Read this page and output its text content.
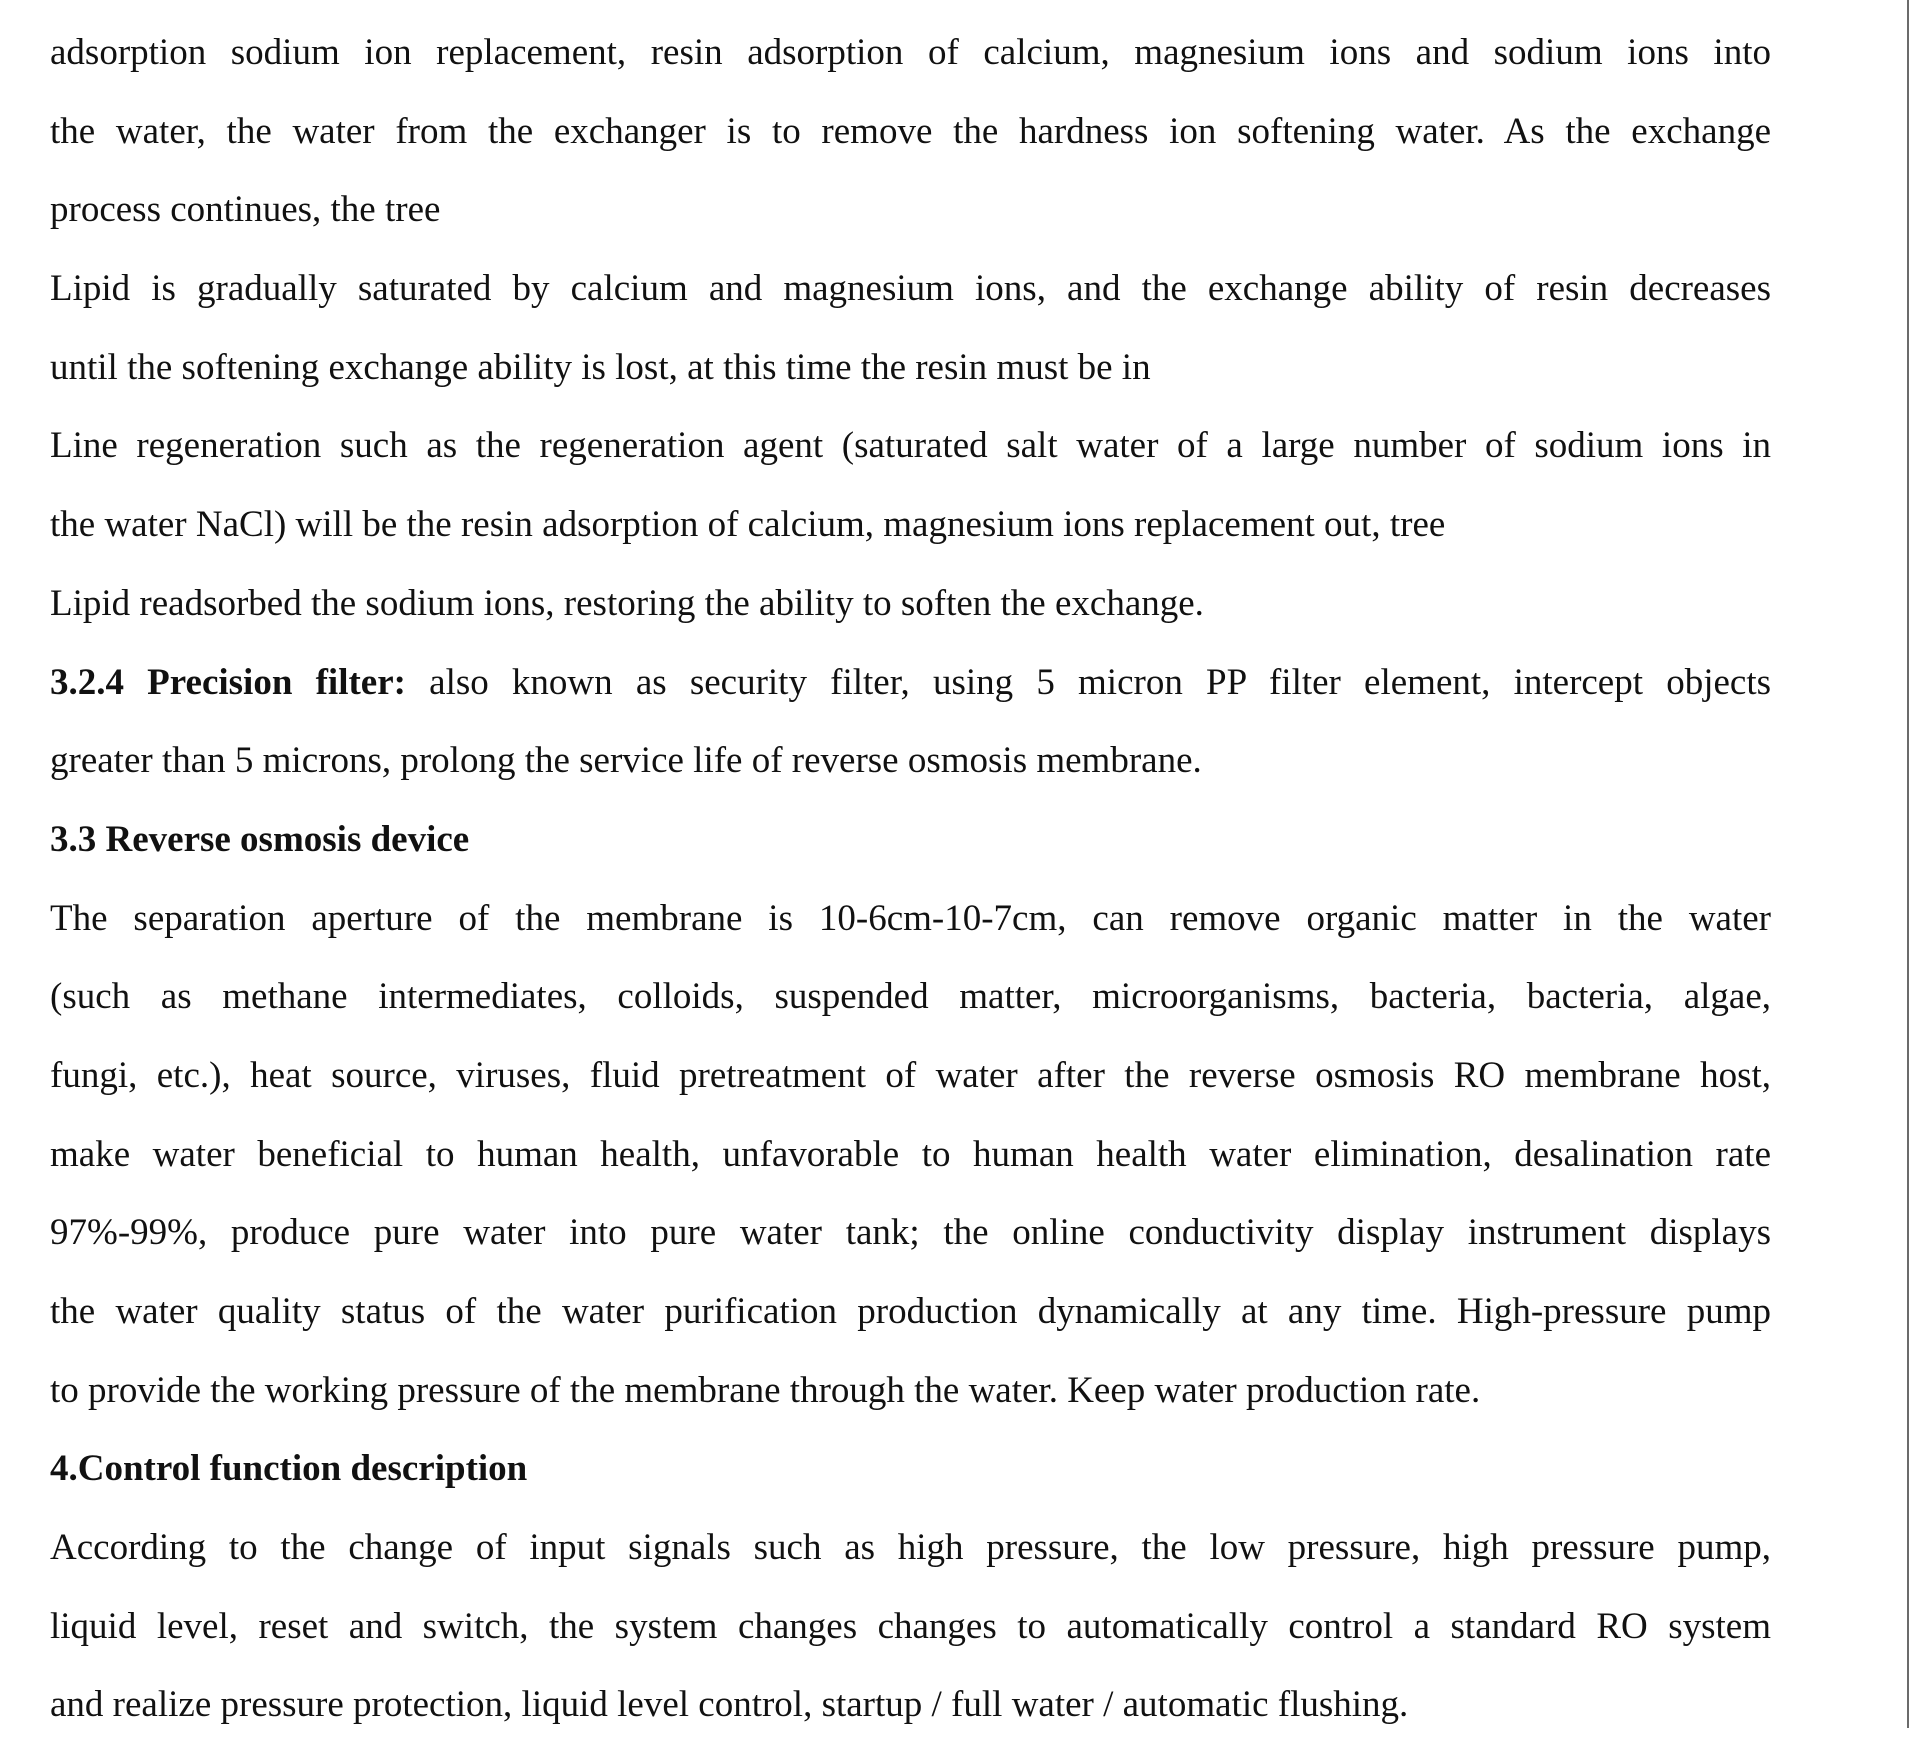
adsorption sodium ion replacement, resin adsorption of calcium, magnesium ions and sodium ions into
the water, the water from the exchanger is to remove the hardness ion softening water. As the exchange
process continues, the tree
Lipid is gradually saturated by calcium and magnesium ions, and the exchange ability of resin decreases
until the softening exchange ability is lost, at this time the resin must be in
Line regeneration such as the regeneration agent (saturated salt water of a large number of sodium ions in
the water NaCl) will be the resin adsorption of calcium, magnesium ions replacement out, tree
Lipid readsorbed the sodium ions, restoring the ability to soften the exchange.
3.2.4 Precision filter: also known as security filter, using 5 micron PP filter element, intercept objects
greater than 5 microns, prolong the service life of reverse osmosis membrane.
3.3 Reverse osmosis device
The separation aperture of the membrane is 10-6cm-10-7cm, can remove organic matter in the water
(such as methane intermediates, colloids, suspended matter, microorganisms, bacteria, bacteria, algae,
fungi, etc.), heat source, viruses, fluid pretreatment of water after the reverse osmosis RO membrane host,
make water beneficial to human health, unfavorable to human health water elimination, desalination rate
97%-99%, produce pure water into pure water tank; the online conductivity display instrument displays
the water quality status of the water purification production dynamically at any time. High-pressure pump
to provide the working pressure of the membrane through the water. Keep water production rate.
4.Control function description
According to the change of input signals such as high pressure, the low pressure, high pressure pump,
liquid level, reset and switch, the system changes changes to automatically control a standard RO system
and realize pressure protection, liquid level control, startup / full water / automatic flushing.
